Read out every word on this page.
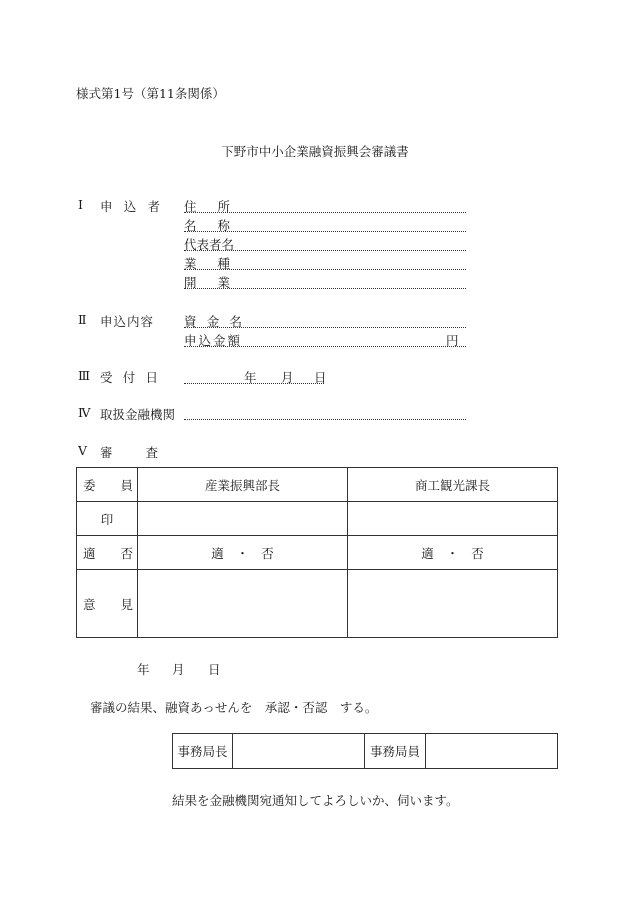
様式第1号（第11条関係）
下野市中小企業融資振興会審議書
Ⅰ 申 込 者 住 所
名 称
代表者名
業 種
開 業
Ⅱ 申込内容 資 金 名
申込金額	円
Ⅲ 受 付 日	年 月 日
Ⅳ 取扱金融機関
Ⅴ 審	査
委 員	産業振興部長	商工観光課長
印		

適 否	適　・　否	適　・　否

意 見		

年 月 日
審議の結果、融資あっせんを　承認・否認　する。
事務局長		事務局員	
結果を金融機関宛通知してよろしいか、伺います。
